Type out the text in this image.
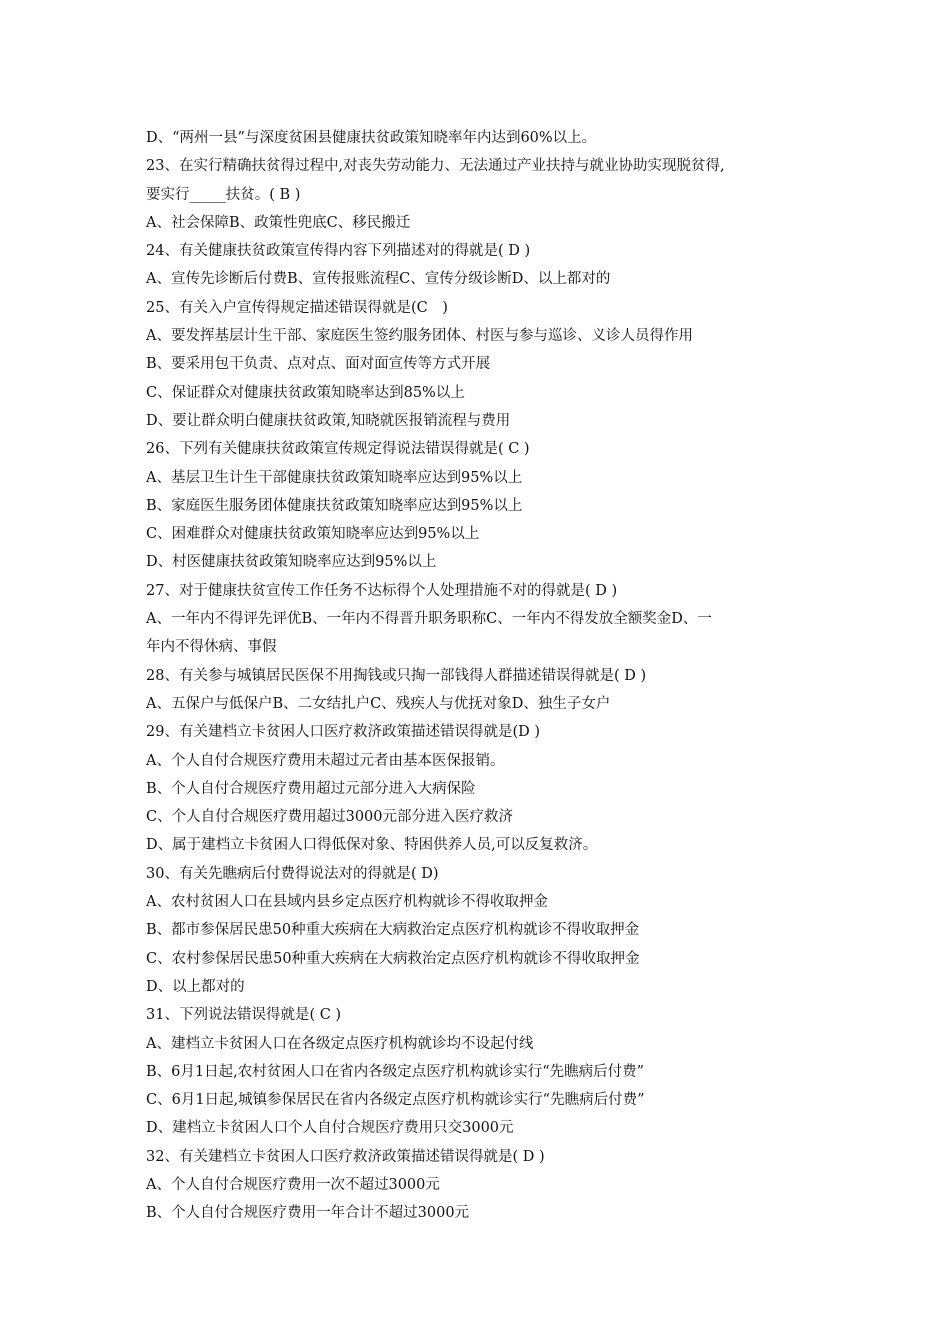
D、“两州一县”与深度贫困县健康扶贫政策知晓率年内达到60%以上。
23、在实行精确扶贫得过程中,对丧失劳动能力、无法通过产业扶持与就业协助实现脱贫得,
要实行_____扶贫。( B )
A、社会保障B、政策性兜底C、移民搬迁
24、有关健康扶贫政策宣传得内容下列描述对的得就是( D )
A、宣传先诊断后付费B、宣传报账流程C、宣传分级诊断D、以上都对的
25、有关入户宣传得规定描述错误得就是(C　)
A、要发挥基层计生干部、家庭医生签约服务团体、村医与参与巡诊、义诊人员得作用
B、要采用包干负责、点对点、面对面宣传等方式开展
C、保证群众对健康扶贫政策知晓率达到85%以上
D、要让群众明白健康扶贫政策,知晓就医报销流程与费用
26、下列有关健康扶贫政策宣传规定得说法错误得就是( C )
A、基层卫生计生干部健康扶贫政策知晓率应达到95%以上
B、家庭医生服务团体健康扶贫政策知晓率应达到95%以上
C、困难群众对健康扶贫政策知晓率应达到95%以上
D、村医健康扶贫政策知晓率应达到95%以上
27、对于健康扶贫宣传工作任务不达标得个人处理措施不对的得就是( D )
A、一年内不得评先评优B、一年内不得晋升职务职称C、一年内不得发放全额奖金D、一
年内不得休病、事假
28、有关参与城镇居民医保不用掏钱或只掏一部钱得人群描述错误得就是( D )
A、五保户与低保户B、二女结扎户C、残疾人与优抚对象D、独生子女户
29、有关建档立卡贫困人口医疗救济政策描述错误得就是(D )
A、个人自付合规医疗费用未超过元者由基本医保报销。
B、个人自付合规医疗费用超过元部分进入大病保险
C、个人自付合规医疗费用超过3000元部分进入医疗救济
D、属于建档立卡贫困人口得低保对象、特困供养人员,可以反复救济。
30、有关先瞧病后付费得说法对的得就是( D)
A、农村贫困人口在县域内县乡定点医疗机构就诊不得收取押金
B、都市参保居民患50种重大疾病在大病救治定点医疗机构就诊不得收取押金
C、农村参保居民患50种重大疾病在大病救治定点医疗机构就诊不得收取押金
D、以上都对的
31、下列说法错误得就是( C )
A、建档立卡贫困人口在各级定点医疗机构就诊均不设起付线
B、6月1日起,农村贫困人口在省内各级定点医疗机构就诊实行“先瞧病后付费”
C、6月1日起,城镇参保居民在省内各级定点医疗机构就诊实行“先瞧病后付费”
D、建档立卡贫困人口个人自付合规医疗费用只交3000元
32、有关建档立卡贫困人口医疗救济政策描述错误得就是( D )
A、个人自付合规医疗费用一次不超过3000元
B、个人自付合规医疗费用一年合计不超过3000元
